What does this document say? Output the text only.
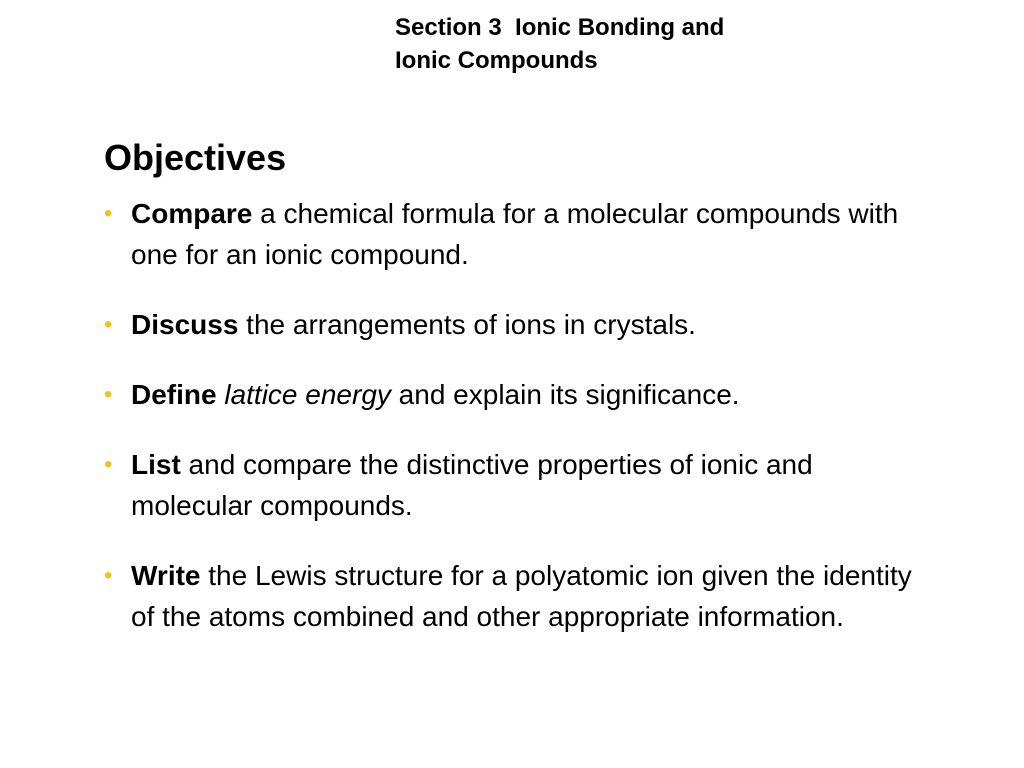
Section 3  Ionic Bonding and
Ionic Compounds
Objectives
• Compare a chemical formula for a molecular compounds with one for an ionic compound.
• Discuss the arrangements of ions in crystals.
• Define lattice energy and explain its significance.
• List and compare the distinctive properties of ionic and molecular compounds.
• Write the Lewis structure for a polyatomic ion given the identity of the atoms combined and other appropriate information.
